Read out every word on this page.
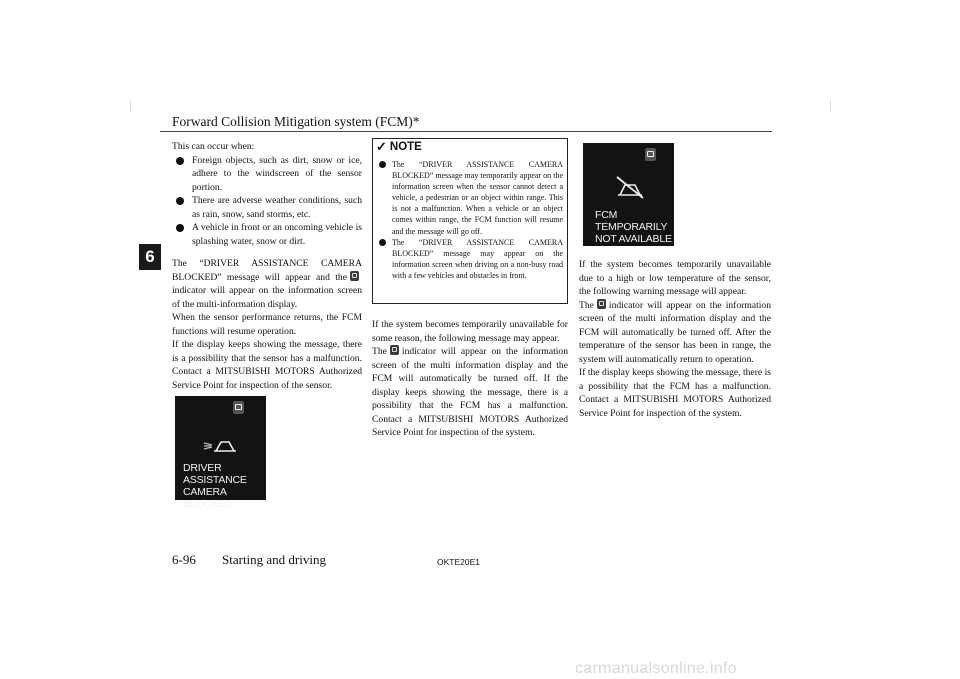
Forward Collision Mitigation system (FCM)*
6

This can occur when:

Foreign objects, such as dirt, snow or ice, adhere to the windscreen of the sensor portion.
There are adverse weather conditions, such as rain, snow, sand storms, etc.
A vehicle in front or an oncoming vehicle is splashing water, snow or dirt.

The “DRIVER ASSISTANCE CAMERA BLOCKED” message will appear and theindicator will appear on the information screen of the multi-information display.

When the sensor performance returns, the FCM functions will resume operation.

If the display keeps showing the message, there is a possibility that the sensor has a malfunction. Contact a MITSUBISHI MOTORS Authorized Service Point for inspection of the sensor.

DRIVER ASSISTANCE
CAMERA BLOCKED
✓ NOTE
The “DRIVER ASSISTANCE CAMERA BLOCKED” message may temporarily appear on the information screen when the sensor cannot detect a vehicle, a pedestrian or an object within range. This is not a malfunction. When a vehicle or an object comes within range, the FCM function will resume and the message will go off.
The “DRIVER ASSISTANCE CAMERA BLOCKED” message may appear on the information screen when driving on a non-busy road with a few vehicles and obstacles in front.

If the system becomes temporarily unavailable for some reason, the following message may appear.

The indicator will appear on the information screen of the multi information display and the FCM will automatically be turned off. If the display keeps showing the message, there is a possibility that the FCM has a malfunction. Contact a MITSUBISHI MOTORS Authorized Service Point for inspection of the system.

FCM TEMPORARILY
NOT AVAILABLE

If the system becomes temporarily unavailable due to a high or low temperature of the sensor, the following warning message will appear.

The indicator will appear on the information screen of the multi information display and the FCM will automatically be turned off. After the temperature of the sensor has been in range, the system will automatically return to operation.

If the display keeps showing the message, there is a possibility that the FCM has a malfunction. Contact a MITSUBISHI MOTORS Authorized Service Point for inspection of the system.

6-96 Starting and driving	OKTE20E1
carmanualsonline.info
